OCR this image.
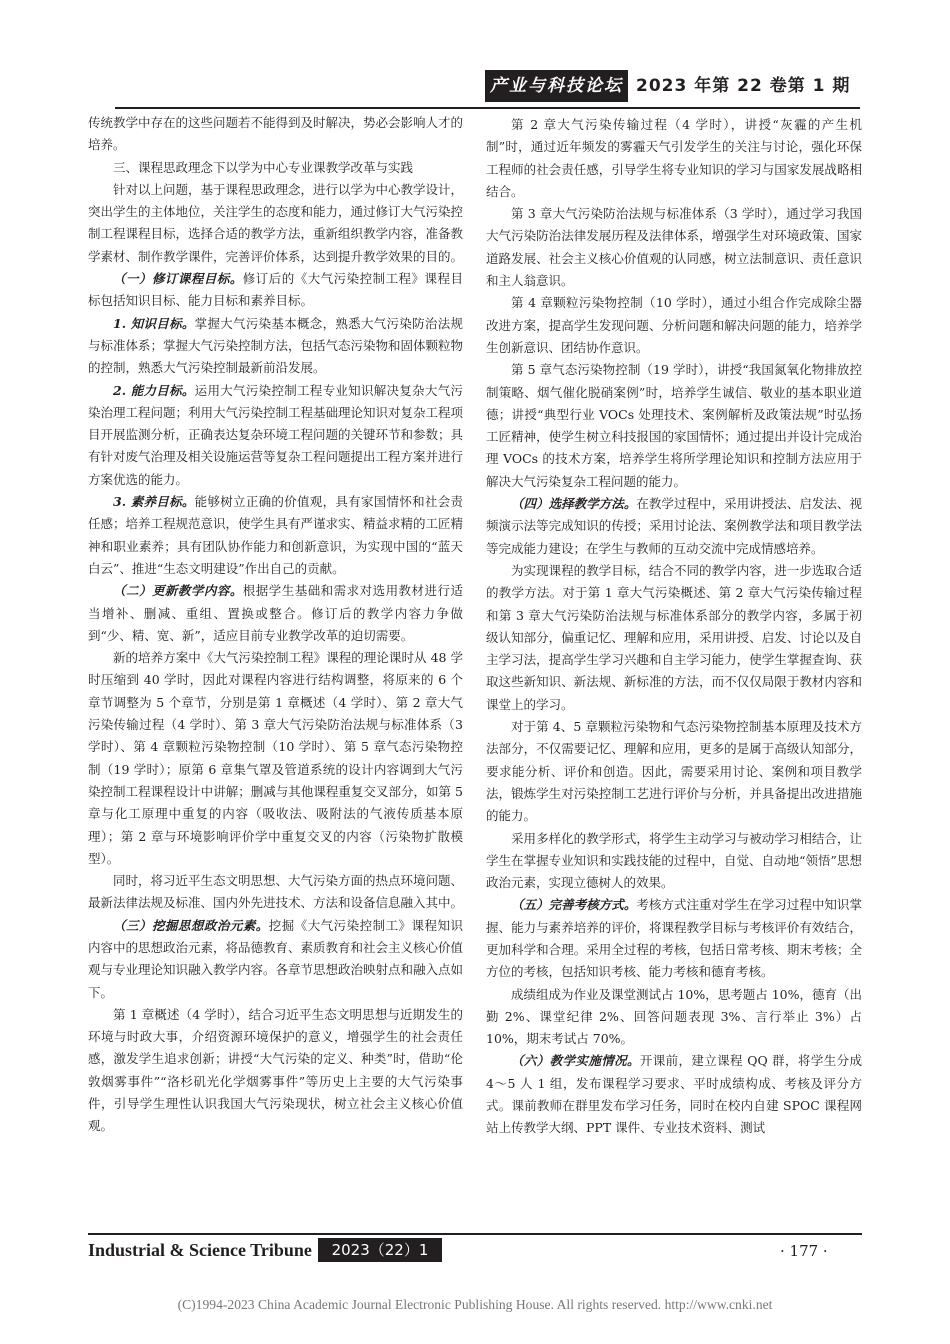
产业与科技论坛 2023 年第 22 卷第 1 期

传统教学中存在的这些问题若不能得到及时解决，势必会影响人才的培养。

三、课程思政理念下以学为中心专业课教学改革与实践

针对以上问题，基于课程思政理念，进行以学为中心教学设计，突出学生的主体地位，关注学生的态度和能力，通过修订大气污染控制工程课程目标，选择合适的教学方法，重新组织教学内容，准备教学素材、制作教学课件，完善评价体系，达到提升教学效果的目的。

（一）修订课程目标。修订后的《大气污染控制工程》课程目标包括知识目标、能力目标和素养目标。

1. 知识目标。掌握大气污染基本概念，熟悉大气污染防治法规与标准体系；掌握大气污染控制方法，包括气态污染物和固体颗粒物的控制，熟悉大气污染控制最新前沿发展。

2. 能力目标。运用大气污染控制工程专业知识解决复杂大气污染治理工程问题；利用大气污染控制工程基础理论知识对复杂工程项目开展监测分析，正确表达复杂环境工程问题的关键环节和参数；具有针对废气治理及相关设施运营等复杂工程问题提出工程方案并进行方案优选的能力。

3. 素养目标。能够树立正确的价值观，具有家国情怀和社会责任感；培养工程规范意识，使学生具有严谨求实、精益求精的工匠精神和职业素养；具有团队协作能力和创新意识，为实现中国的“蓝天白云”、推进“生态文明建设”作出自己的贡献。

（二）更新教学内容。根据学生基础和需求对选用教材进行适当增补、删减、重组、置换或整合。修订后的教学内容力争做到“少、精、宽、新”，适应目前专业教学改革的迫切需要。

新的培养方案中《大气污染控制工程》课程的理论课时从 48 学时压缩到 40 学时，因此对课程内容进行结构调整，将原来的 6 个章节调整为 5 个章节，分别是第 1 章概述（4 学时）、第 2 章大气污染传输过程（4 学时）、第 3 章大气污染防治法规与标准体系（3 学时）、第 4 章颗粒污染物控制（10 学时）、第 5 章气态污染物控制（19 学时）；原第 6 章集气罩及管道系统的设计内容调到大气污染控制工程课程设计中讲解；删减与其他课程重复交叉部分，如第 5 章与化工原理中重复的内容（吸收法、吸附法的气液传质基本原理）；第 2 章与环境影响评价学中重复交叉的内容（污染物扩散模型）。

同时，将习近平生态文明思想、大气污染方面的热点环境问题、最新法律法规及标准、国内外先进技术、方法和设备信息融入其中。

（三）挖掘思想政治元素。挖掘《大气污染控制工》课程知识内容中的思想政治元素，将品德教育、素质教育和社会主义核心价值观与专业理论知识融入教学内容。各章节思想政治映射点和融入点如下。

第 1 章概述（4 学时），结合习近平生态文明思想与近期发生的环境与时政大事，介绍资源环境保护的意义，增强学生的社会责任感，激发学生追求创新；讲授“大气污染的定义、种类”时，借助“伦敦烟雾事件”“洛杉矶光化学烟雾事件”等历史上主要的大气污染事件，引导学生理性认识我国大气污染现状，树立社会主义核心价值观。

第 2 章大气污染传输过程（4 学时），讲授“灰霾的产生机制”时，通过近年频发的雾霾天气引发学生的关注与讨论，强化环保工程师的社会责任感，引导学生将专业知识的学习与国家发展战略相结合。

第 3 章大气污染防治法规与标准体系（3 学时），通过学习我国大气污染防治法律发展历程及法律体系，增强学生对环境政策、国家道路发展、社会主义核心价值观的认同感，树立法制意识、责任意识和主人翁意识。

第 4 章颗粒污染物控制（10 学时），通过小组合作完成除尘器改进方案，提高学生发现问题、分析问题和解决问题的能力，培养学生创新意识、团结协作意识。

第 5 章气态污染物控制（19 学时），讲授“我国氮氧化物排放控制策略、烟气催化脱硝案例”时，培养学生诚信、敬业的基本职业道德；讲授“典型行业 VOCs 处理技术、案例解析及政策法规”时弘扬工匠精神，使学生树立科技报国的家国情怀；通过提出并设计完成治理 VOCs 的技术方案，培养学生将所学理论知识和控制方法应用于解决大气污染复杂工程问题的能力。

（四）选择教学方法。在教学过程中，采用讲授法、启发法、视频演示法等完成知识的传授；采用讨论法、案例教学法和项目教学法等完成能力建设；在学生与教师的互动交流中完成情感培养。

为实现课程的教学目标，结合不同的教学内容，进一步选取合适的教学方法。对于第 1 章大气污染概述、第 2 章大气污染传输过程和第 3 章大气污染防治法规与标准体系部分的教学内容，多属于初级认知部分，偏重记忆、理解和应用，采用讲授、启发、讨论以及自主学习法，提高学生学习兴趣和自主学习能力，使学生掌握查询、获取这些新知识、新法规、新标准的方法，而不仅仅局限于教材内容和课堂上的学习。

对于第 4、5 章颗粒污染物和气态污染物控制基本原理及技术方法部分，不仅需要记忆、理解和应用，更多的是属于高级认知部分，要求能分析、评价和创造。因此，需要采用讨论、案例和项目教学法，锻炼学生对污染控制工艺进行评价与分析，并具备提出改进措施的能力。

采用多样化的教学形式，将学生主动学习与被动学习相结合，让学生在掌握专业知识和实践技能的过程中，自觉、自动地“领悟”思想政治元素，实现立德树人的效果。

（五）完善考核方式。考核方式注重对学生在学习过程中知识掌握、能力与素养培养的评价，将课程教学目标与考核评价有效结合，更加科学和合理。采用全过程的考核，包括日常考核、期末考核；全方位的考核，包括知识考核、能力考核和德育考核。

成绩组成为作业及课堂测试占 10%，思考题占 10%，德育（出勤 2%、课堂纪律 2%、回答问题表现 3%、言行举止 3%）占 10%，期末考试占 70%。

（六）教学实施情况。开课前，建立课程 QQ 群，将学生分成 4～5 人 1 组，发布课程学习要求、平时成绩构成、考核及评分方式。课前教师在群里发布学习任务，同时在校内自建 SPOC 课程网站上传教学大纲、PPT 课件、专业技术资料、测试

Industrial & Science Tribune	2023（22）1	· 177 ·
(C)1994-2023 China Academic Journal Electronic Publishing House. All rights reserved. http://www.cnki.net
